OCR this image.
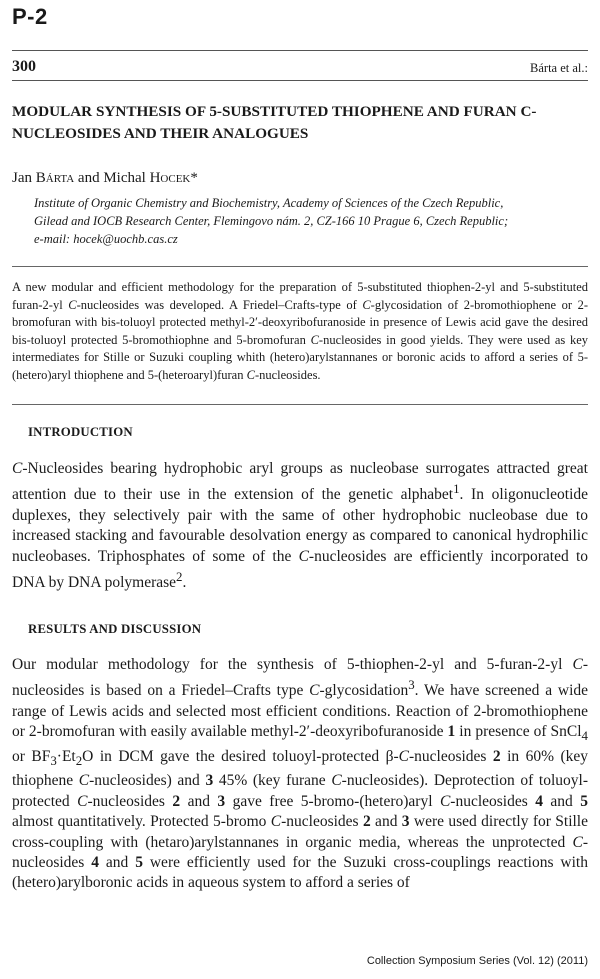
P-2
300	Bárta et al.:
MODULAR SYNTHESIS OF 5-SUBSTITUTED THIOPHENE AND FURAN C-NUCLEOSIDES AND THEIR ANALOGUES
Jan Bárta and Michal Hocek*
Institute of Organic Chemistry and Biochemistry, Academy of Sciences of the Czech Republic,
Gilead and IOCB Research Center, Flemingovo nám. 2, CZ-166 10 Prague 6, Czech Republic;
e-mail: hocek@uochb.cas.cz
A new modular and efficient methodology for the preparation of 5-substituted thiophen-2-yl and 5-substituted furan-2-yl C-nucleosides was developed. A Friedel–Crafts-type of C-glycosidation of 2-bromothiophene or 2-bromofuran with bis-toluoyl protected methyl-2′-deoxyribofuranoside in presence of Lewis acid gave the desired bis-toluoyl protected 5-bromothiophne and 5-bromofuran C-nucleosides in good yields. They were used as key intermediates for Stille or Suzuki coupling whith (hetero)arylstannanes or boronic acids to afford a series of 5-(hetero)aryl thiophene and 5-(heteroaryl)furan C-nucleosides.
INTRODUCTION
C-Nucleosides bearing hydrophobic aryl groups as nucleobase surrogates attracted great attention due to their use in the extension of the genetic alphabet$^1$. In oligonucleotide duplexes, they selectively pair with the same of other hydrophobic nucleobase due to increased stacking and favourable desolvation energy as compared to canonical hydrophilic nucleobases. Triphosphates of some of the C-nucleosides are efficiently incorporated to DNA by DNA polymerase$^2$.
RESULTS AND DISCUSSION
Our modular methodology for the synthesis of 5-thiophen-2-yl and 5-furan-2-yl C-nucleosides is based on a Friedel–Crafts type C-glycosidation$^3$. We have screened a wide range of Lewis acids and selected most efficient conditions. Reaction of 2-bromothiophene or 2-bromofuran with easily available methyl-2′-deoxyribofuranoside 1 in presence of SnCl$_4$ or $BF_3\cdot Et_2O$ in DCM gave the desired toluoyl-protected β-C-nucleosides 2 in 60% (key thiophene C-nucleosides) and 3 45% (key furane C-nucleosides). Deprotection of toluoyl-protected C-nucleosides 2 and 3 gave free 5-bromo-(hetero)aryl C-nucleosides 4 and 5 almost quantitatively. Protected 5-bromo C-nucleosides 2 and 3 were used directly for Stille cross-coupling with (hetaro)arylstannanes in organic media, whereas the unprotected C-nucleosides 4 and 5 were efficiently used for the Suzuki cross-couplings reactions with (hetero)arylboronic acids in aqueous system to afford a series of
Collection Symposium Series (Vol. 12) (2011)
